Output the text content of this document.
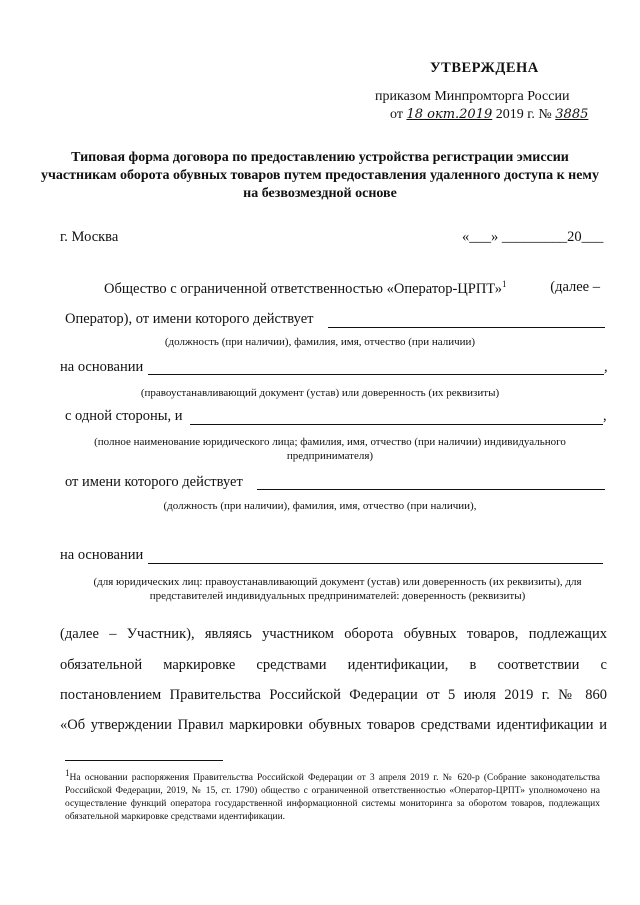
УТВЕРЖДЕНА
приказом Минпромторга России
от 18 окт.2019 2019 г. № 3885
Типовая форма договора по предоставлению устройства регистрации эмиссии участникам оборота обувных товаров путем предоставления удаленного доступа к нему на безвозмездной основе
г. Москва	«___» _________20___
Общество с ограниченной ответственностью «Оператор-ЦРПТ»$^1$	(далее –
Оператор), от имени которого действует
(должность (при наличии), фамилия, имя, отчество (при наличии)
на основании	,
(правоустанавливающий документ (устав) или доверенность (их реквизиты)
с одной стороны, и	,
(полное наименование юридического лица; фамилия, имя, отчество (при наличии) индивидуального предпринимателя)
от имени которого действует
(должность (при наличии), фамилия, имя, отчество (при наличии),
на основании
(для юридических лиц: правоустанавливающий документ (устав) или доверенность (их реквизиты), для представителей индивидуальных предпринимателей: доверенность (реквизиты)
(далее – Участник), являясь участником оборота обувных товаров, подлежащих
обязательной маркировке средствами идентификации, в соответствии с
постановлением Правительства Российской Федерации от 5 июля 2019 г. № 860
«Об утверждении Правил маркировки обувных товаров средствами идентификации и
$^1$На основании распоряжения Правительства Российской Федерации от 3 апреля 2019 г. № 620-р (Собрание законодательства Российской Федерации, 2019, № 15, ст. 1790) общество с ограниченной ответственностью «Оператор-ЦРПТ» уполномочено на осуществление функций оператора государственной информационной системы мониторинга за оборотом товаров, подлежащих обязательной маркировке средствами идентификации.
